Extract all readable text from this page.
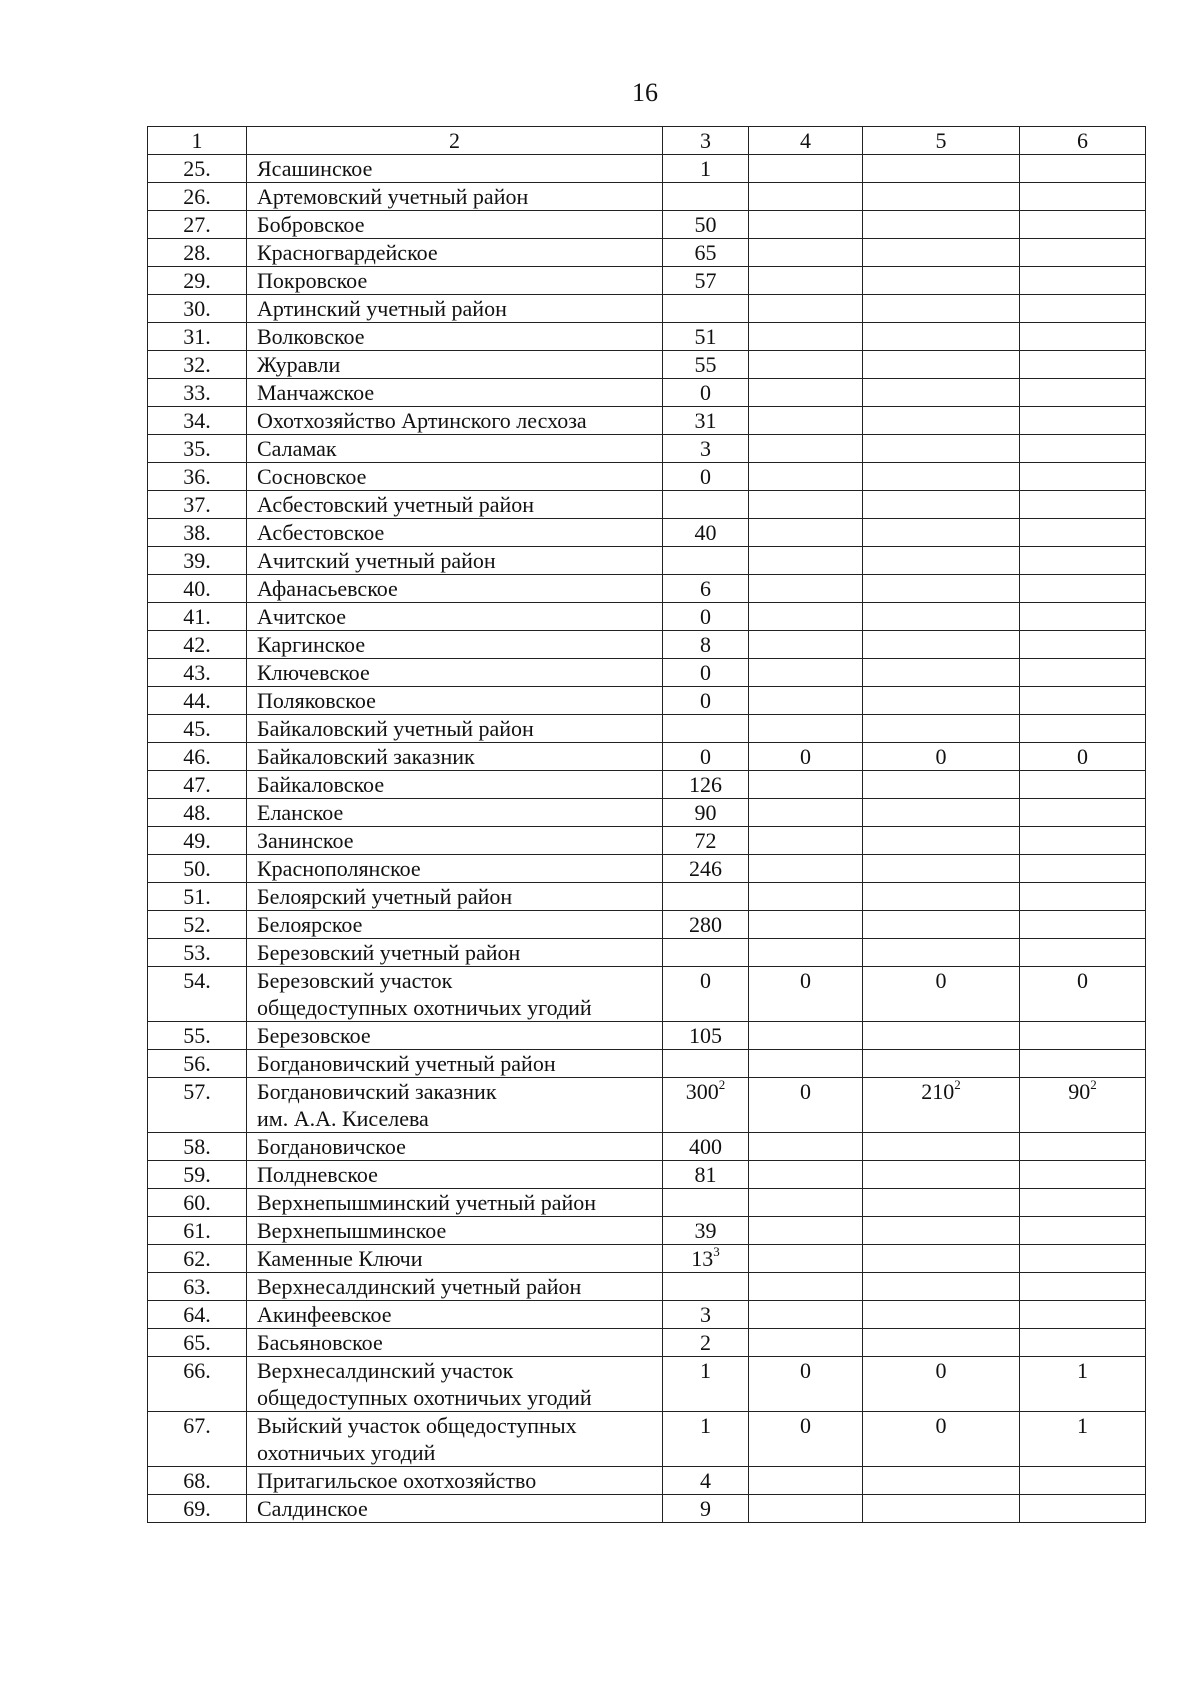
16
1	2	3	4	5	6
25.	Ясашинское	1			
26.	Артемовский учетный район				
27.	Бобровское	50			
28.	Красногвардейское	65			
29.	Покровское	57			
30.	Артинский учетный район				
31.	Волковское	51			
32.	Журавли	55			
33.	Манчажское	0			
34.	Охотхозяйство Артинского лесхоза	31			
35.	Саламак	3			
36.	Сосновское	0			
37.	Асбестовский учетный район				
38.	Асбестовское	40			
39.	Ачитский учетный район				
40.	Афанасьевское	6			
41.	Ачитское	0			
42.	Каргинское	8			
43.	Ключевское	0			
44.	Поляковское	0			
45.	Байкаловский учетный район				
46.	Байкаловский заказник	0	0	0	0
47.	Байкаловское	126			
48.	Еланское	90			
49.	Занинское	72			
50.	Краснополянское	246			
51.	Белоярский учетный район				
52.	Белоярское	280			
53.	Березовский учетный район				
54.	Березовский участок
общедоступных охотничьих угодий	0	0	0	0
55.	Березовское	105			
56.	Богдановичский учетный район				
57.	Богдановичский заказник
им. А.А. Киселева	$300^2$	0	$210^2$	$90^2$
58.	Богдановичское	400			
59.	Полдневское	81			
60.	Верхнепышминский учетный район				
61.	Верхнепышминское	39			
62.	Каменные Ключи	$13^3$			
63.	Верхнесалдинский учетный район				
64.	Акинфеевское	3			
65.	Басьяновское	2			
66.	Верхнесалдинский участок
общедоступных охотничьих угодий	1	0	0	1
67.	Выйский участок общедоступных
охотничьих угодий	1	0	0	1
68.	Притагильское охотхозяйство	4			
69.	Салдинское	9			
